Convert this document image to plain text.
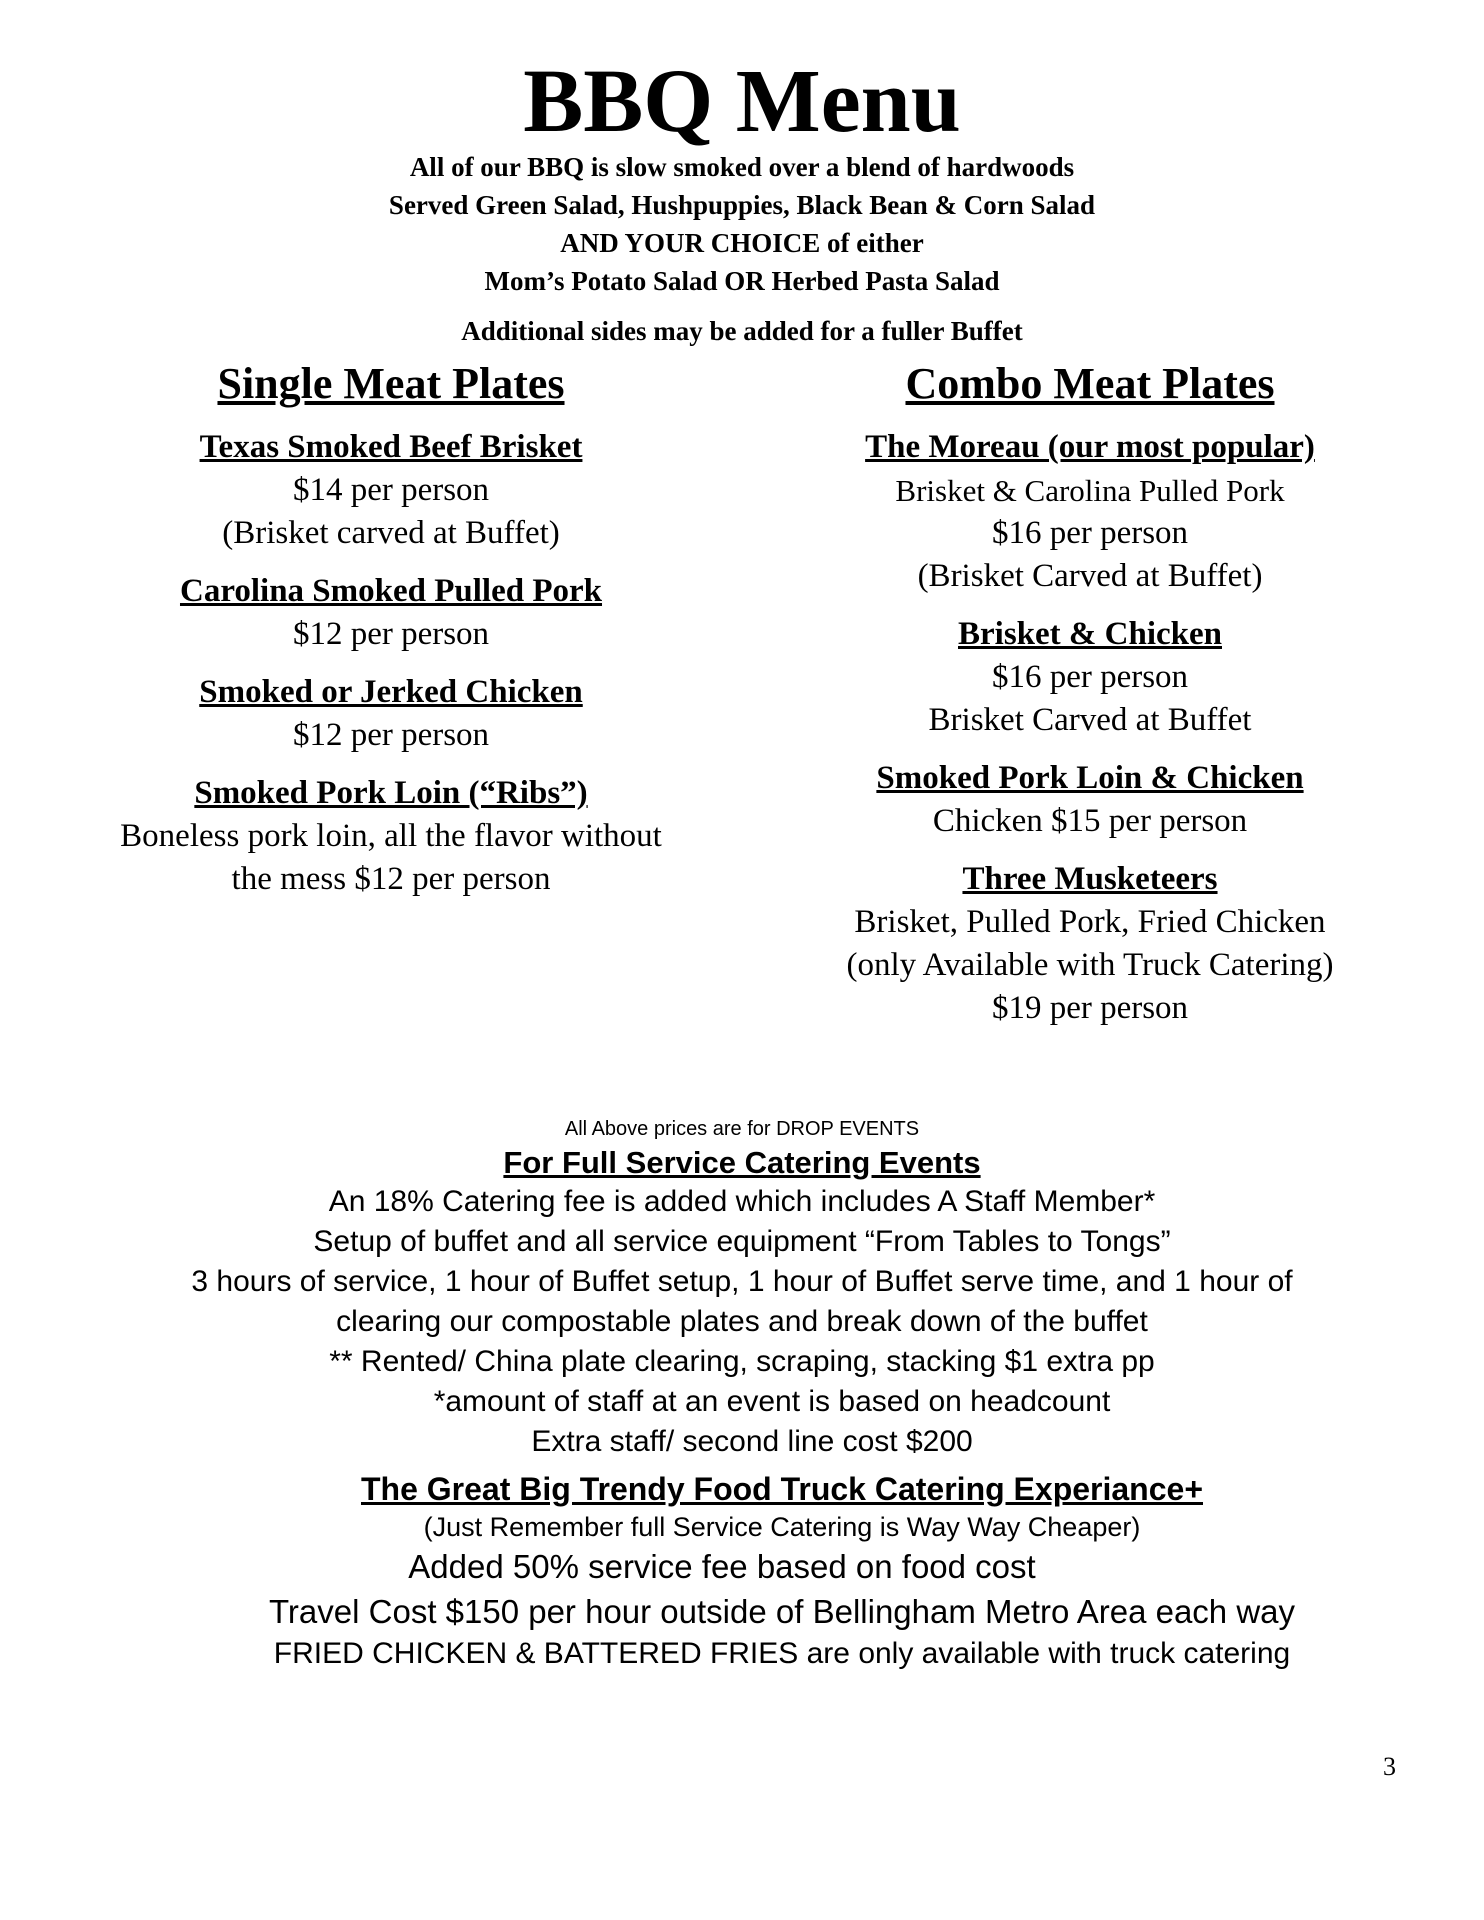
BBQ Menu
All of our BBQ is slow smoked over a blend of hardwoods
Served Green Salad, Hushpuppies, Black Bean & Corn Salad
AND YOUR CHOICE of either
Mom’s Potato Salad OR Herbed Pasta Salad
Additional sides may be added for a fuller Buffet
Single Meat Plates
Texas Smoked Beef Brisket
$14 per person
(Brisket carved at Buffet)
Carolina Smoked Pulled Pork
$12 per person
Smoked or Jerked Chicken
$12 per person
Smoked Pork Loin (“Ribs”)
Boneless pork loin, all the flavor without
the mess $12 per person
Combo Meat Plates
The Moreau (our most popular)
Brisket & Carolina Pulled Pork
$16 per person
(Brisket Carved at Buffet)
Brisket & Chicken
$16 per person
Brisket Carved at Buffet
Smoked Pork Loin & Chicken
Chicken $15 per person
Three Musketeers
Brisket, Pulled Pork, Fried Chicken
(only Available with Truck Catering)
$19 per person
All Above prices are for DROP EVENTS
For Full Service Catering Events
An 18% Catering fee is added which includes A Staff Member*
Setup of buffet and all service equipment “From Tables to Tongs”
3 hours of service, 1 hour of Buffet setup, 1 hour of Buffet serve time, and 1 hour of
clearing our compostable plates and break down of the buffet
** Rented/ China plate clearing, scraping, stacking $1 extra pp
*amount of staff at an event is based on headcount
Extra staff/ second line cost $200
The Great Big Trendy Food Truck Catering Experiance+
(Just Remember full Service Catering is Way Way Cheaper)
Added 50% service fee based on food cost
Travel Cost $150 per hour outside of Bellingham Metro Area each way
FRIED CHICKEN & BATTERED FRIES are only available with truck catering
3
